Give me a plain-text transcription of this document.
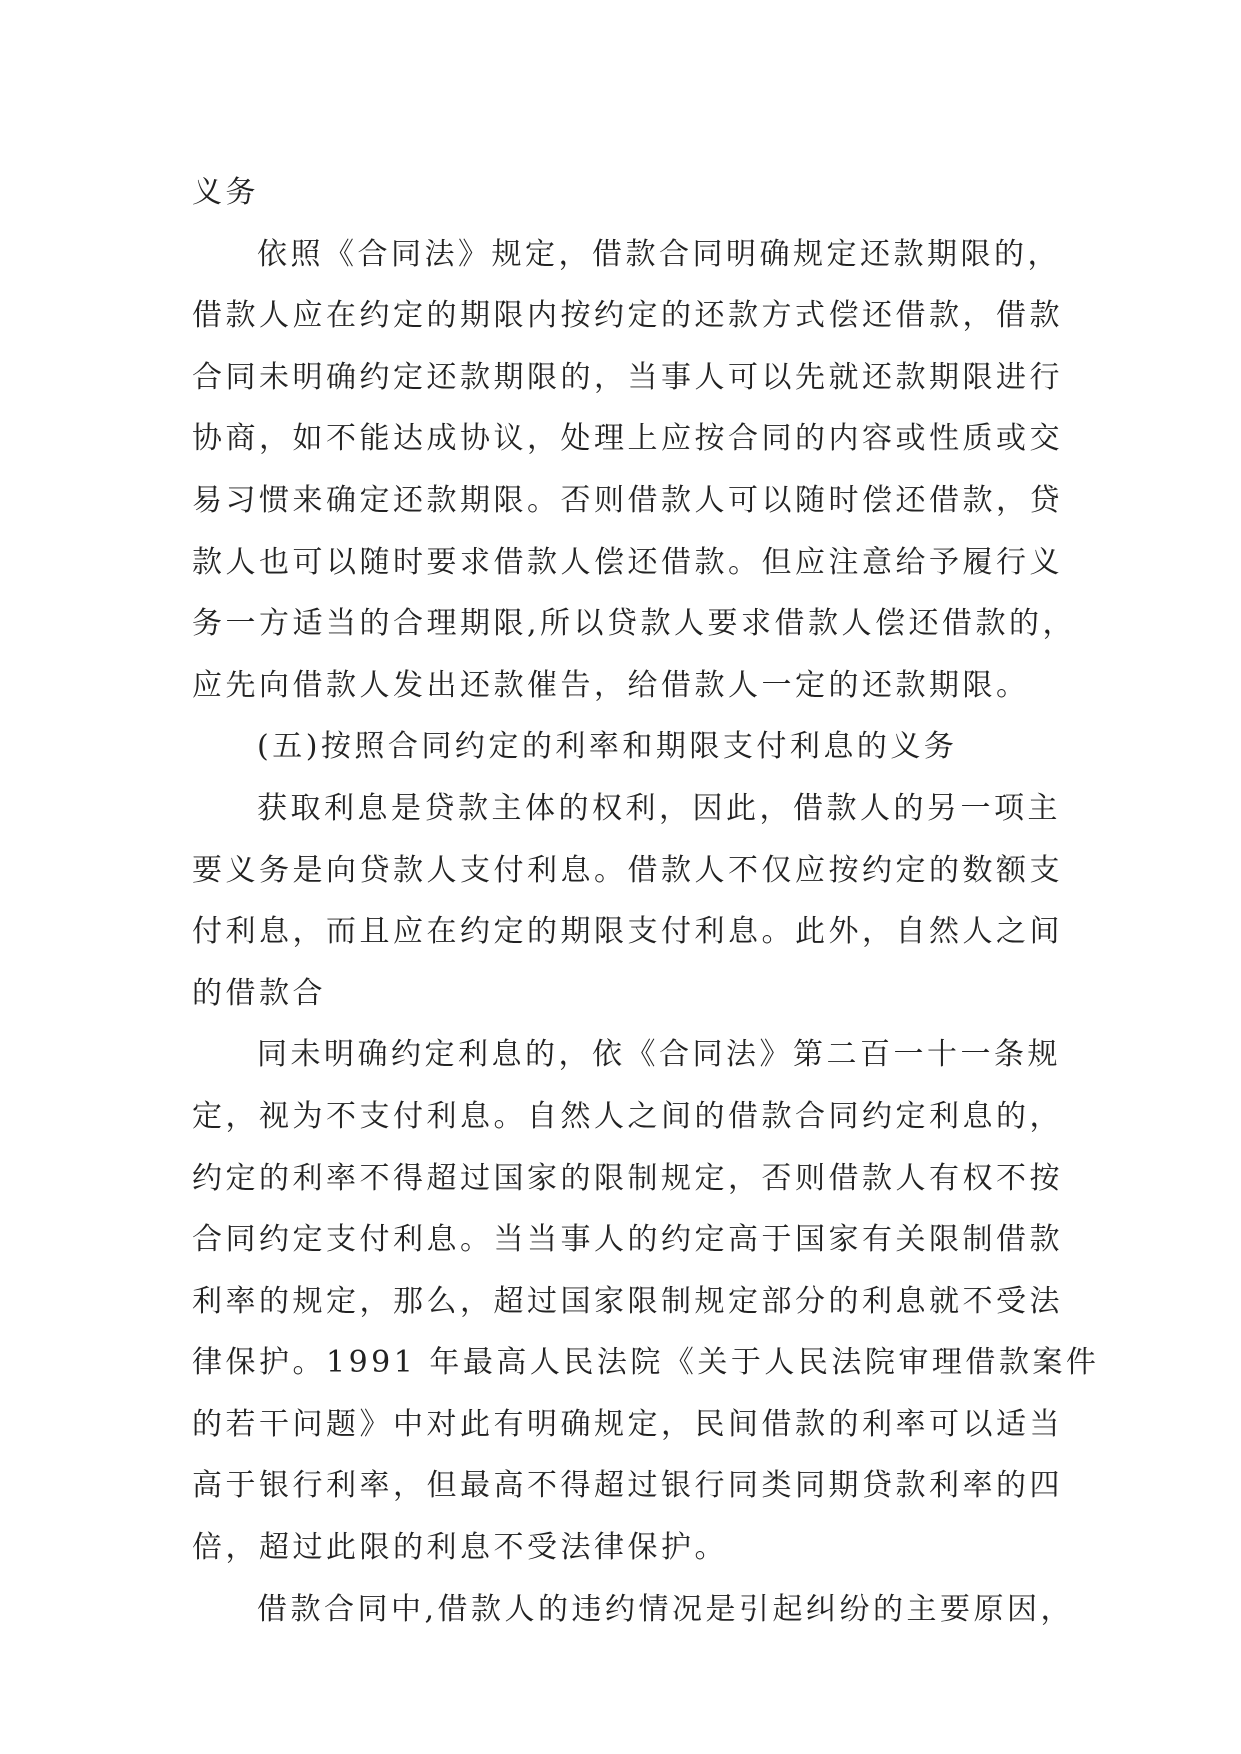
义务
依照《合同法》规定，借款合同明确规定还款期限的，
借款人应在约定的期限内按约定的还款方式偿还借款，借款
合同未明确约定还款期限的，当事人可以先就还款期限进行
协商，如不能达成协议，处理上应按合同的内容或性质或交
易习惯来确定还款期限。否则借款人可以随时偿还借款，贷
款人也可以随时要求借款人偿还借款。但应注意给予履行义
务一方适当的合理期限,所以贷款人要求借款人偿还借款的，
应先向借款人发出还款催告，给借款人一定的还款期限。
(五)按照合同约定的利率和期限支付利息的义务
获取利息是贷款主体的权利，因此，借款人的另一项主
要义务是向贷款人支付利息。借款人不仅应按约定的数额支
付利息，而且应在约定的期限支付利息。此外，自然人之间
的借款合
同未明确约定利息的，依《合同法》第二百一十一条规
定，视为不支付利息。自然人之间的借款合同约定利息的，
约定的利率不得超过国家的限制规定，否则借款人有权不按
合同约定支付利息。当当事人的约定高于国家有关限制借款
利率的规定，那么，超过国家限制规定部分的利息就不受法
律保护。1991 年最高人民法院《关于人民法院审理借款案件
的若干问题》中对此有明确规定，民间借款的利率可以适当
高于银行利率，但最高不得超过银行同类同期贷款利率的四
倍，超过此限的利息不受法律保护。
借款合同中,借款人的违约情况是引起纠纷的主要原因，
